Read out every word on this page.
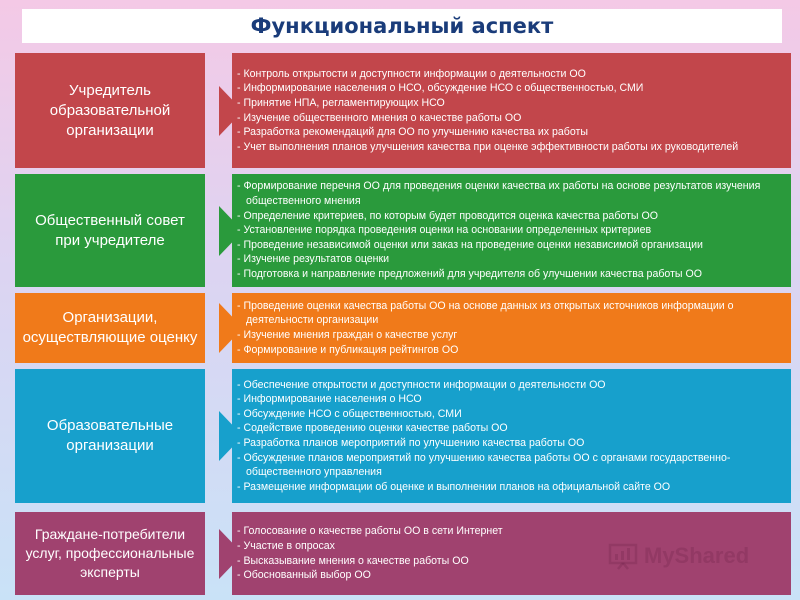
Функциональный аспект
Учредитель образовательной организации
- Контроль открытости и доступности информации о деятельности ОО
- Информирование населения о НСО, обсуждение НСО с общественностью, СМИ
- Принятие НПА, регламентирующих НСО
- Изучение общественного мнения о качестве работы ОО
- Разработка рекомендаций для ОО по улучшению качества их работы
- Учет выполнения планов улучшения качества при оценке эффективности работы их руководителей
Общественный совет при учредителе
- Формирование перечня ОО для проведения оценки качества их работы на основе результатов изучения общественного мнения
- Определение критериев, по которым будет проводится оценка качества работы ОО
- Установление порядка проведения оценки на основании определенных критериев
- Проведение независимой оценки или заказ на проведение оценки независимой организации
- Изучение результатов оценки
- Подготовка и направление предложений для учредителя об улучшении качества работы ОО
Организации, осуществляющие оценку
- Проведение оценки качества работы ОО на основе данных из открытых источников информации о деятельности организации
- Изучение мнения граждан о качестве услуг
- Формирование и публикация рейтингов ОО
Образовательные организации
- Обеспечение открытости и доступности информации о деятельности ОО
- Информирование населения о НСО
- Обсуждение НСО с общественностью, СМИ
- Содействие проведению оценки качестве работы ОО
- Разработка планов мероприятий по улучшению качества работы ОО
- Обсуждение планов мероприятий по улучшению качества работы ОО с органами государственно-общественного управления
- Размещение информации об оценке и выполнении планов на официальной сайте ОО
Граждане-потребители услуг, профессиональные эксперты
- Голосование о качестве работы ОО в сети Интернет
- Участие в опросах
- Высказывание мнения о качестве работы ОО
- Обоснованный выбор ОО
MyShared
